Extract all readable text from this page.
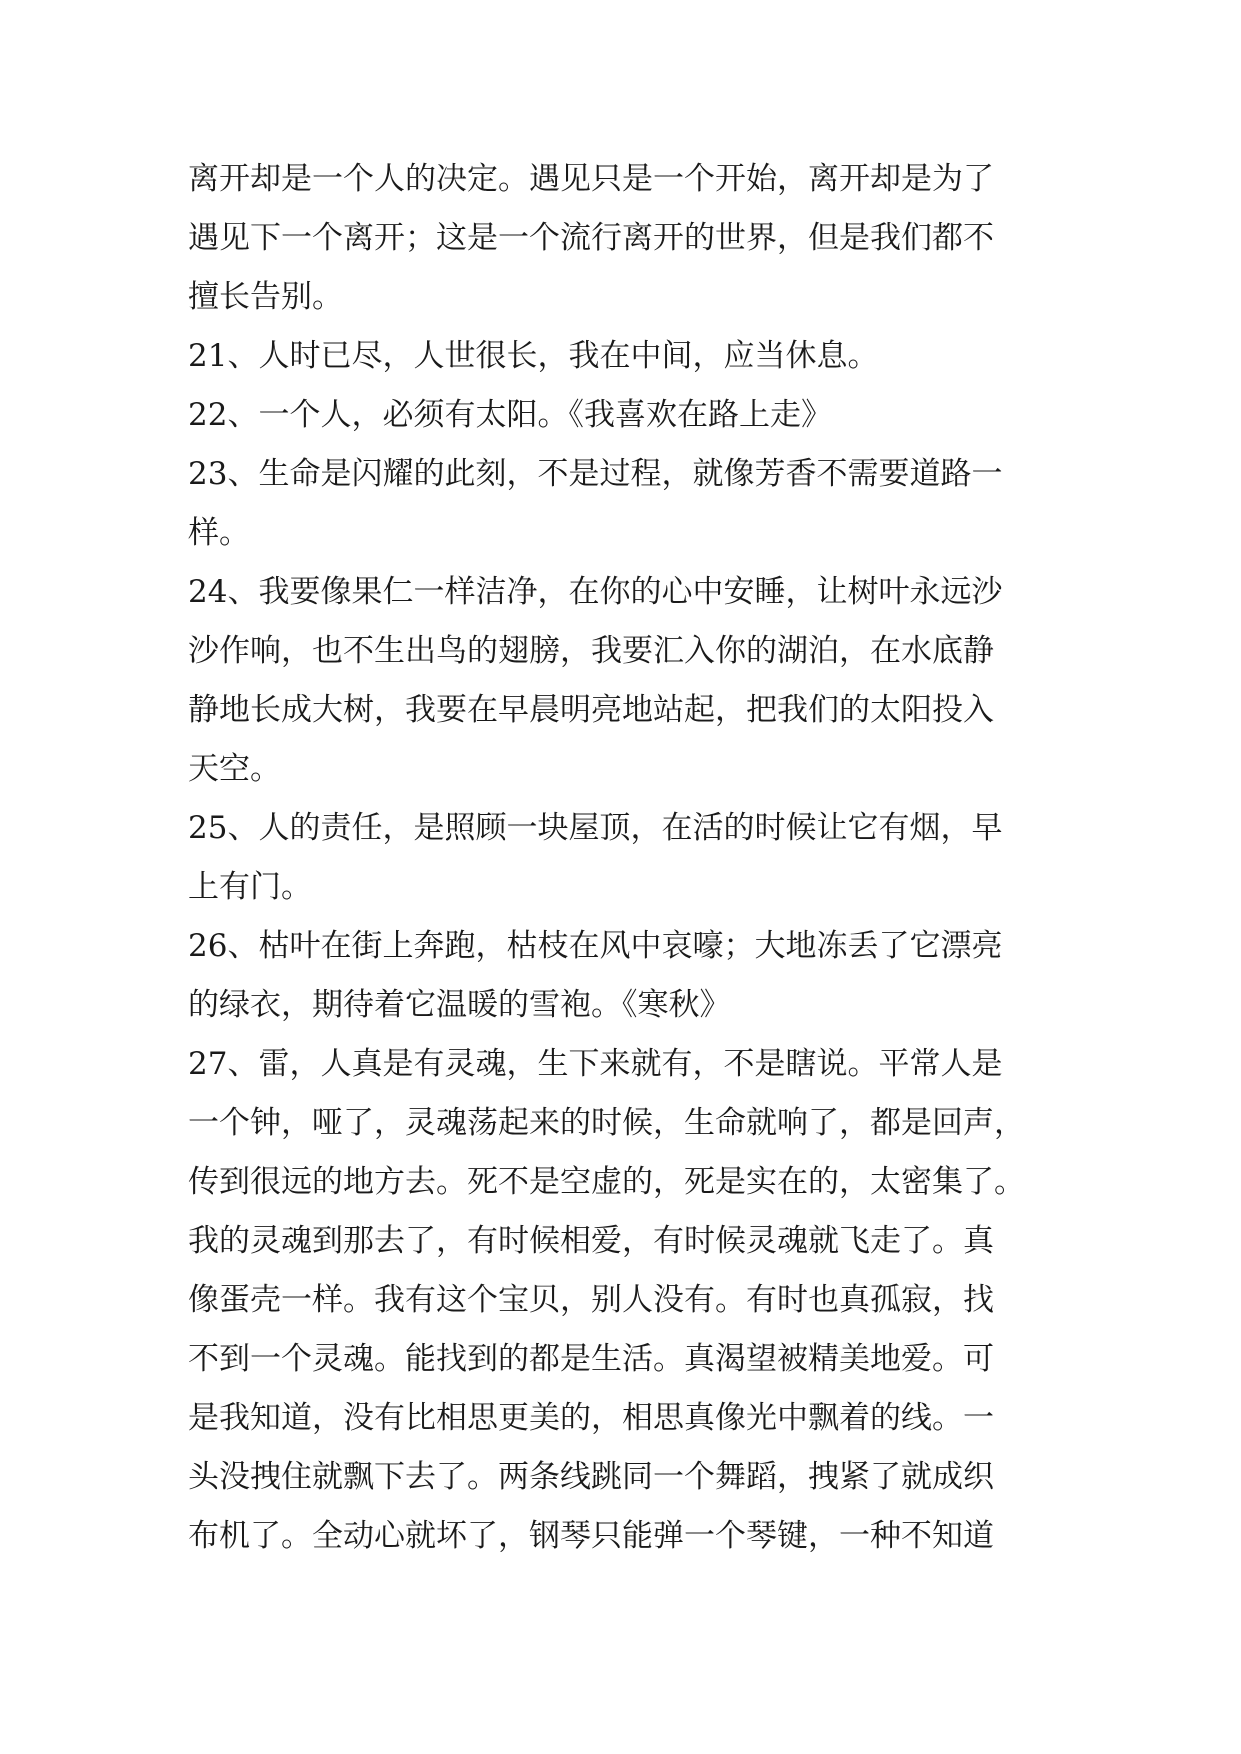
离开却是一个人的决定。遇见只是一个开始，离开却是为了
遇见下一个离开；这是一个流行离开的世界，但是我们都不
擅长告别。
21、人时已尽，人世很长，我在中间，应当休息。
22、一个人，必须有太阳。《我喜欢在路上走》
23、生命是闪耀的此刻，不是过程，就像芳香不需要道路一
样。
24、我要像果仁一样洁净，在你的心中安睡，让树叶永远沙
沙作响，也不生出鸟的翅膀，我要汇入你的湖泊，在水底静
静地长成大树，我要在早晨明亮地站起，把我们的太阳投入
天空。
25、人的责任，是照顾一块屋顶，在活的时候让它有烟，早
上有门。
26、枯叶在街上奔跑，枯枝在风中哀嚎；大地冻丢了它漂亮
的绿衣，期待着它温暖的雪袍。《寒秋》
27、雷，人真是有灵魂，生下来就有，不是瞎说。平常人是
一个钟，哑了，灵魂荡起来的时候，生命就响了，都是回声，
传到很远的地方去。死不是空虚的，死是实在的，太密集了。
我的灵魂到那去了，有时候相爱，有时候灵魂就飞走了。真
像蛋壳一样。我有这个宝贝，别人没有。有时也真孤寂，找
不到一个灵魂。能找到的都是生活。真渴望被精美地爱。可
是我知道，没有比相思更美的，相思真像光中飘着的线。一
头没拽住就飘下去了。两条线跳同一个舞蹈，拽紧了就成织
布机了。全动心就坏了，钢琴只能弹一个琴键，一种不知道
